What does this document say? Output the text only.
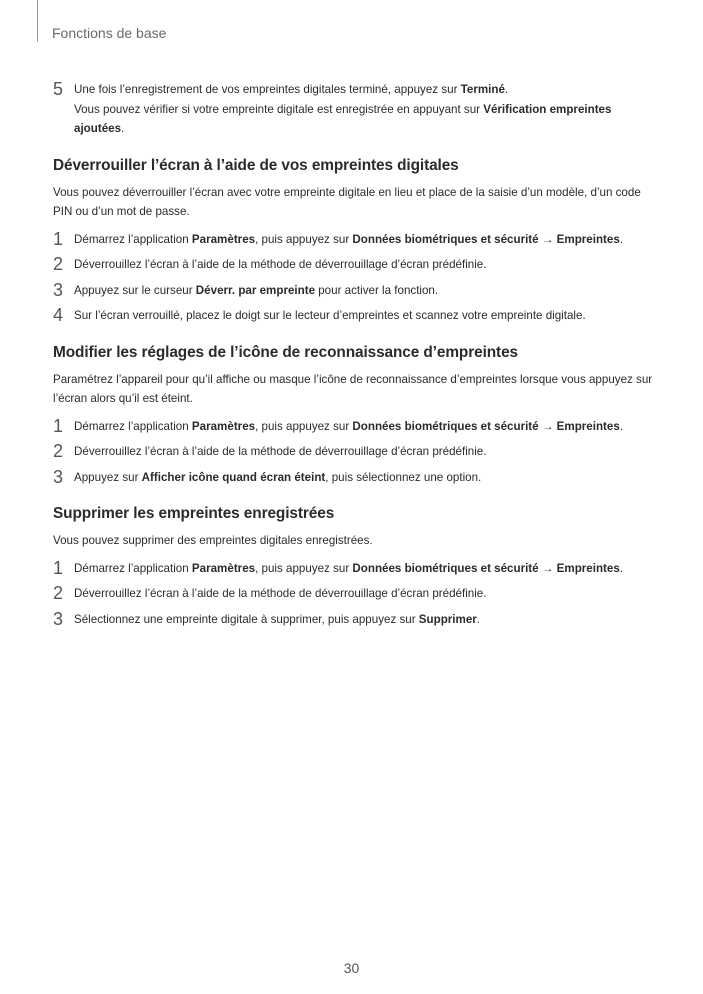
Fonctions de base
5 Une fois l’enregistrement de vos empreintes digitales terminé, appuyez sur Terminé.

Vous pouvez vérifier si votre empreinte digitale est enregistrée en appuyant sur Vérification empreintes ajoutées.

Déverrouiller l’écran à l’aide de vos empreintes digitales

Vous pouvez déverrouiller l’écran avec votre empreinte digitale en lieu et place de la saisie d’un modèle, d’un code PIN ou d’un mot de passe.

1 Démarrez l’application Paramètres, puis appuyez sur Données biométriques et sécurité → Empreintes.

2 Déverrouillez l’écran à l’aide de la méthode de déverrouillage d’écran prédéfinie.

3 Appuyez sur le curseur Déverr. par empreinte pour activer la fonction.

4 Sur l’écran verrouillé, placez le doigt sur le lecteur d’empreintes et scannez votre empreinte digitale.

Modifier les réglages de l’icône de reconnaissance d’empreintes

Paramétrez l’appareil pour qu’il affiche ou masque l’icône de reconnaissance d’empreintes lorsque vous appuyez sur l’écran alors qu’il est éteint.

1 Démarrez l’application Paramètres, puis appuyez sur Données biométriques et sécurité → Empreintes.

2 Déverrouillez l’écran à l’aide de la méthode de déverrouillage d’écran prédéfinie.

3 Appuyez sur Afficher icône quand écran éteint, puis sélectionnez une option.

Supprimer les empreintes enregistrées

Vous pouvez supprimer des empreintes digitales enregistrées.

1 Démarrez l’application Paramètres, puis appuyez sur Données biométriques et sécurité → Empreintes.

2 Déverrouillez l’écran à l’aide de la méthode de déverrouillage d’écran prédéfinie.

3 Sélectionnez une empreinte digitale à supprimer, puis appuyez sur Supprimer.

30
